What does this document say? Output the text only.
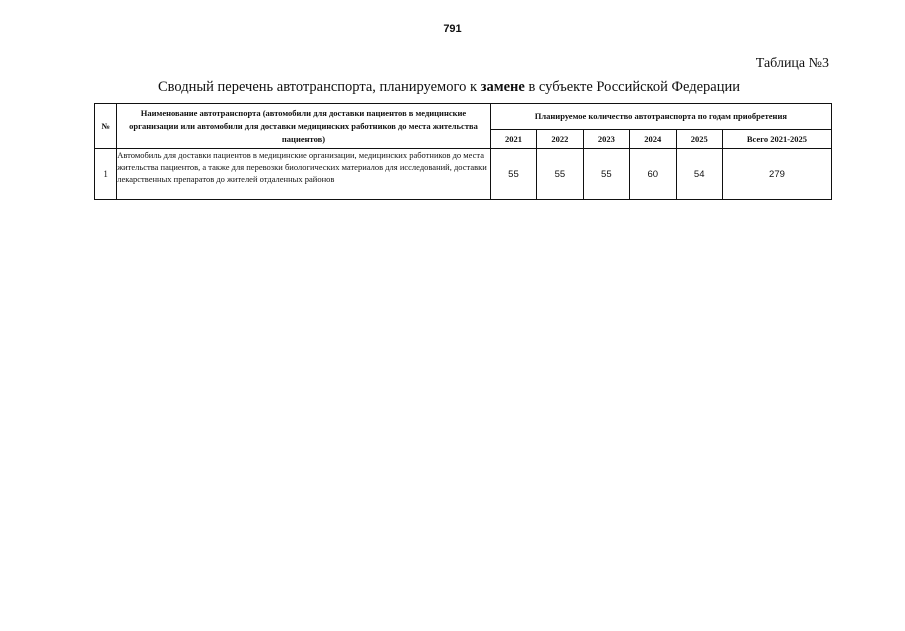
791
Таблица №3
Сводный перечень автотранспорта, планируемого к замене в субъекте Российской Федерации
№	Наименование автотранспорта (автомобили для доставки пациентов в медицинские организации или автомобили для доставки медицинских работников до места жительства пациентов)	Планируемое количество автотранспорта по годам приобретения					
		2021	2022	2023	2024	2025	Всего 2021-2025
1	Автомобиль для доставки пациентов в медицинские организации, медицинских работников до места жительства пациентов, а также для перевозки биологических материалов для исследований, доставки лекарственных препаратов до жителей отдаленных районов	55	55	55	60	54	279
